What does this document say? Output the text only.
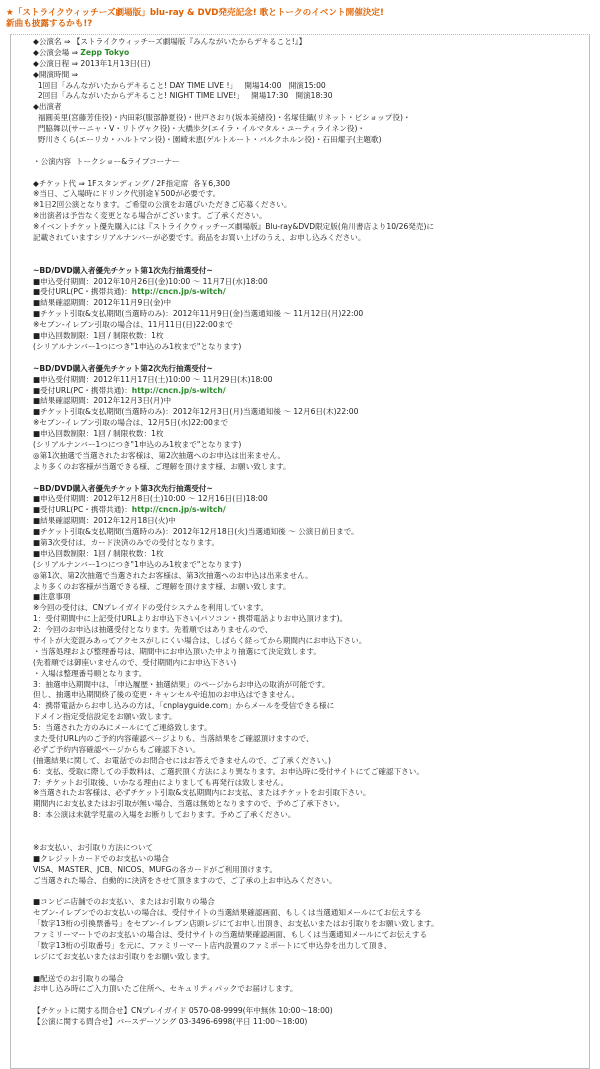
★「ストライクウィッチーズ劇場版」blu-ray & DVD発売記念! 歌とトークのイベント開催決定!
新曲も披露するかも!?
◆公演名 ⇒ 【ストライクウィッチーズ劇場版『みんながいたからデキること!』】
◆公演会場 ⇒ Zepp Tokyo
◆公演日程 ⇒ 2013年1月13日(日)
◆開演時間 ⇒
1回目「みんながいたからデキること! DAY TIME LIVE !」   開場14:00   開演15:00
2回目「みんながいたからデキること! NIGHT TIME LIVE!」   開場17:30   開演18:30
◆出演者
福圓美里(宮藤芳佳役)・内田彩(服部静夏役)・世戸さおり(坂本美緒役)・名塚佳織(リネット・ビショップ役)・
門脇舞以(サーニャ・V・リトヴャク役)・大橋歩夕(エイラ・イルマタル・ユーティライネン役)・
野川さくら(エーリカ・ハルトマン役)・園崎未恵(ゲルトルート・バルクホルン役)・石田燿子(主題歌)
・公演内容  トークショー&ライブコーナー
◆チケット代 ⇒ 1Fスタンディング / 2F指定席  各￥6,300
※当日、ご入場時にドリンク代別途￥500が必要です。
※1日2回公演となります。ご希望の公演をお選びいただきご応募ください。
※出演者は予告なく変更となる場合がございます。ご了承ください。
※イベントチケット優先購入には『ストライクウィッチーズ劇場版』Blu-ray&DVD限定版(角川書店より10/26発売)に
記載されていますシリアルナンバーが必要です。商品をお買い上げのうえ、お申し込みください。
~BD/DVD購入者優先チケット第1次先行抽選受付~
■申込受付期間：2012年10月26日(金)10:00 ～ 11月7日(水)18:00
■受付URL(PC・携帯共通)：http://cncn.jp/s-witch/
■結果確認期間：2012年11月9日(金)中
■チケット引取&支払期間(当選時のみ)：2012年11月9日(金)当選通知後 ～ 11月12日(月)22:00
※セブン-イレブン引取の場合は、11月11日(日)22:00まで
■申込回数制限：1回 / 制限枚数：1枚
(シリアルナンバー1つにつき"1申込のみ1枚まで"となります)
~BD/DVD購入者優先チケット第2次先行抽選受付~
■申込受付期間：2012年11月17日(土)10:00 ～ 11月29日(木)18:00
■受付URL(PC・携帯共通)：http://cncn.jp/s-witch/
■結果確認期間：2012年12月3日(月)中
■チケット引取&支払期間(当選時のみ)：2012年12月3日(月)当選通知後 ～ 12月6日(木)22:00
※セブン-イレブン引取の場合は、12月5日(水)22:00まで
■申込回数制限：1回 / 制限枚数：1枚
(シリアルナンバー1つにつき"1申込のみ1枚まで"となります)
◎第1次抽選で当選されたお客様は、第2次抽選へのお申込は出来ません。
より多くのお客様が当選できる様、ご理解を頂けます様、お願い致します。
~BD/DVD購入者優先チケット第3次先行抽選受付~
■申込受付期間：2012年12月8日(土)10:00 ～ 12月16日(日)18:00
■受付URL(PC・携帯共通)：http://cncn.jp/s-witch/
■結果確認期間：2012年12月18日(火)中
■チケット引取&支払期間(当選時のみ)：2012年12月18日(火)当選通知後 ～ 公演日前日まで。
■第3次受付は、カード決済のみでの受付となります。
■申込回数制限：1回 / 制限枚数：1枚
(シリアルナンバー1つにつき"1申込のみ1枚まで"となります)
◎第1次、第2次抽選で当選されたお客様は、第3次抽選へのお申込は出来ません。
より多くのお客様が当選できる様、ご理解を頂けます様、お願い致します。
■注意事項
※今回の受付は、CNプレイガイドの受付システムを利用しています。
1：受付期間中に上記受付URLよりお申込下さい(パソコン・携帯電話よりお申込頂けます)。
2：今回のお申込は抽選受付となります。先着順ではありませんので、
サイトが大変混みあってアクセスがしにくい場合は、しばらく経ってから期間内にお申込下さい。
・当落処理および整理番号は、期間中にお申込頂いた中より抽選にて決定致します。
(先着順では御座いませんので、受付期間内にお申込下さい)
・入場は整理番号順となります。
3：抽選申込期間中は、「申込履歴・抽選結果」のページからお申込の取消が可能です。
但し、抽選申込期間終了後の変更・キャンセルや追加のお申込はできません。
4：携帯電話からお申し込みの方は、「cnplayguide.com」からメールを受信できる様に
ドメイン指定受信設定をお願い致します。
5：当選された方のみにメールにてご連絡致します。
また受付URL内のご予約内容確認ページよりも、当落結果をご確認頂けますので、
必ずご予約内容確認ページからもご確認下さい。
(抽選結果に関して、お電話でのお問合せにはお答えできませんので、ご了承ください。)
6：支払、受取に際しての手数料は、ご選択頂く方法により異なります。お申込時に受付サイトにてご確認下さい。
7：チケットお引取後、いかなる理由によりましても再発行は致しません。
※当選されたお客様は、必ずチケット引取&支払期間内にお支払、またはチケットをお引取下さい。
期間内にお支払またはお引取が無い場合、当選は無効となりますので、予めご了承下さい。
8：本公演は未就学児童の入場をお断りしております。予めご了承ください。
※お支払い、お引取り方法について
■クレジットカードでのお支払いの場合
VISA、MASTER、JCB、NICOS、MUFGの各カードがご利用頂けます。
ご当選された場合、自動的に決済をさせて頂きますので、ご了承の上お申込みください。
■コンビニ店舗でのお支払い、またはお引取りの場合
セブン-イレブンでのお支払いの場合は、受付サイトの当選結果確認画面、もしくは当選通知メールにてお伝えする
「数字13桁の引換票番号」をセブン-イレブン店頭レジにてお申し出頂き、お支払いまたはお引取りをお願い致します。
ファミリーマートでのお支払いの場合は、受付サイトの当選結果確認画面、もしくは当選通知メールにてお伝えする
「数字13桁の引取番号」を元に、ファミリーマート店内設置のファミポートにて申込券を出力して頂き、
レジにてお支払いまたはお引取りをお願い致します。
■配送でのお引取りの場合
お申し込み時にご入力頂いたご住所へ、セキュリティパックでお届けします。
【チケットに関する問合せ】CNプレイガイド 0570-08-9999(年中無休 10:00～18:00)
【公演に関する問合せ】バースデーソング 03-3496-6998(平日 11:00～18:00)
